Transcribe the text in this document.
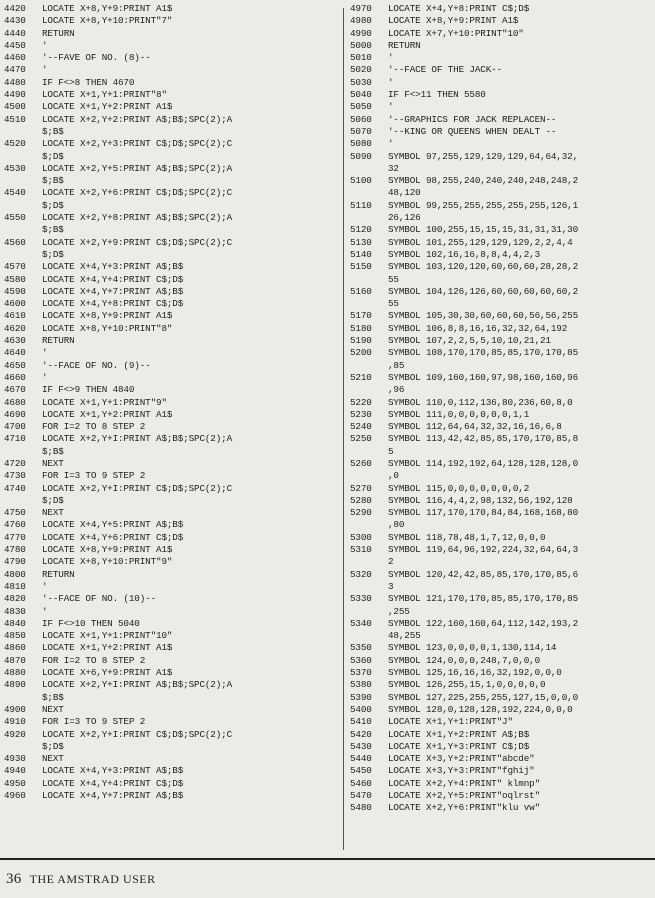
4420	LOCATE X+8,Y+9:PRINT A1$
4430	LOCATE X+8,Y+10:PRINT"7"
4440	RETURN
4450	'
4460	'--FAVE OF NO. (8)--
4470	'
4480	IF F<>8 THEN 4670
4490	LOCATE X+1,Y+1:PRINT"8"
4500	LOCATE X+1,Y+2:PRINT A1$
4510	LOCATE X+2,Y+2:PRINT A$;B$;SPC(2);A
$;B$
4520	LOCATE X+2,Y+3:PRINT C$;D$;SPC(2);C
$;D$
4530	LOCATE X+2,Y+5:PRINT A$;B$;SPC(2);A
$;B$
4540	LOCATE X+2,Y+6:PRINT C$;D$;SPC(2);C
$;D$
4550	LOCATE X+2,Y+8:PRINT A$;B$;SPC(2);A
$;B$
4560	LOCATE X+2,Y+9:PRINT C$;D$;SPC(2);C
$;D$
4570	LOCATE X+4,Y+3:PRINT A$;B$
4580	LOCATE X+4,Y+4:PRINT C$;D$
4590	LOCATE X+4,Y+7:PRINT A$;B$
4600	LOCATE X+4,Y+8:PRINT C$;D$
4610	LOCATE X+8,Y+9:PRINT A1$
4620	LOCATE X+8,Y+10:PRINT"8"
4630	RETURN
4640	'
4650	'--FACE OF NO. (9)--
4660	'
4670	IF F<>9 THEN 4840
4680	LOCATE X+1,Y+1:PRINT"9"
4690	LOCATE X+1,Y+2:PRINT A1$
4700	FOR I=2 TO 8 STEP 2
4710	LOCATE X+2,Y+I:PRINT A$;B$;SPC(2);A
$;B$
4720	NEXT
4730	FOR I=3 TO 9 STEP 2
4740	LOCATE X+2,Y+I:PRINT C$;D$;SPC(2);C
$;D$
4750	NEXT
4760	LOCATE X+4,Y+5:PRINT A$;B$
4770	LOCATE X+4,Y+6:PRINT C$;D$
4780	LOCATE X+8,Y+9:PRINT A1$
4790	LOCATE X+8,Y+10:PRINT"9"
4800	RETURN
4810	'
4820	'--FACE OF NO. (10)--
4830	'
4840	IF F<>10 THEN 5040
4850	LOCATE X+1,Y+1:PRINT"10"
4860	LOCATE X+1,Y+2:PRINT A1$
4870	FOR I=2 TO 8 STEP 2
4880	LOCATE X+6,Y+9:PRINT A1$
4890	LOCATE X+2,Y+I:PRINT A$;B$;SPC(2);A
$;B$
4900	NEXT
4910	FOR I=3 TO 9 STEP 2
4920	LOCATE X+2,Y+I:PRINT C$;D$;SPC(2);C
$;D$
4930	NEXT
4940	LOCATE X+4,Y+3:PRINT A$;B$
4950	LOCATE X+4,Y+4:PRINT C$;D$
4960	LOCATE X+4,Y+7:PRINT A$;B$
4970	LOCATE X+4,Y+8:PRINT C$;D$
4980	LOCATE X+8,Y+9:PRINT A1$
4990	LOCATE X+7,Y+10:PRINT"10"
5000	RETURN
5010	'
5020	'--FACE OF THE JACK--
5030	'
5040	IF F<>11 THEN 5580
5050	'
5060	'--GRAPHICS FOR JACK REPLACEN--
5070	'--KING OR QUEENS WHEN DEALT --
5080	'
5090	SYMBOL 97,255,129,129,129,64,64,32,
32
5100	SYMBOL 98,255,240,240,240,248,248,2
48,120
5110	SYMBOL 99,255,255,255,255,255,126,1
26,126
5120	SYMBOL 100,255,15,15,15,31,31,31,30
5130	SYMBOL 101,255,129,129,129,2,2,4,4
5140	SYMBOL 102,16,16,8,8,4,4,2,3
5150	SYMBOL 103,120,120,60,60,60,28,28,2
55
5160	SYMBOL 104,126,126,60,60,60,60,60,2
55
5170	SYMBOL 105,30,30,60,60,60,56,56,255
5180	SYMBOL 106,8,8,16,16,32,32,64,192
5190	SYMBOL 107,2,2,5,5,10,10,21,21
5200	SYMBOL 108,170,170,85,85,170,170,85
,85
5210	SYMBOL 109,160,160,97,98,160,160,96
,96
5220	SYMBOL 110,0,112,136,80,236,60,8,0
5230	SYMBOL 111,0,0,0,0,0,0,1,1
5240	SYMBOL 112,64,64,32,32,16,16,6,8
5250	SYMBOL 113,42,42,85,85,170,170,85,8
5
5260	SYMBOL 114,192,192,64,128,128,128,0
,0
5270	SYMBOL 115,0,0,0,0,0,0,0,2
5280	SYMBOL 116,4,4,2,98,132,56,192,128
5290	SYMBOL 117,170,170,84,84,168,168,80
,80
5300	SYMBOL 118,78,48,1,7,12,0,0,0
5310	SYMBOL 119,64,96,192,224,32,64,64,3
2
5320	SYMBOL 120,42,42,85,85,170,170,85,6
3
5330	SYMBOL 121,170,170,85,85,170,170,85
,255
5340	SYMBOL 122,160,160,64,112,142,193,2
48,255
5350	SYMBOL 123,0,0,0,0,1,130,114,14
5360	SYMBOL 124,0,0,0,248,7,0,0,0
5370	SYMBOL 125,16,16,16,32,192,0,0,0
5380	SYMBOL 126,255,15,1,0,0,0,0,0
5390	SYMBOL 127,225,255,255,127,15,0,0,0
5400	SYMBOL 128,0,128,128,192,224,0,0,0
5410	LOCATE X+1,Y+1:PRINT"J"
5420	LOCATE X+1,Y+2:PRINT A$;B$
5430	LOCATE X+1,Y+3:PRINT C$;D$
5440	LOCATE X+3,Y+2:PRINT"abcde"
5450	LOCATE X+3,Y+3:PRINT"fghij"
5460	LOCATE X+2,Y+4:PRINT" klmnp"
5470	LOCATE X+2,Y+5:PRINT"oqlrst"
5480	LOCATE X+2,Y+6:PRINT"klu vw"
36 THE AMSTRAD USER
